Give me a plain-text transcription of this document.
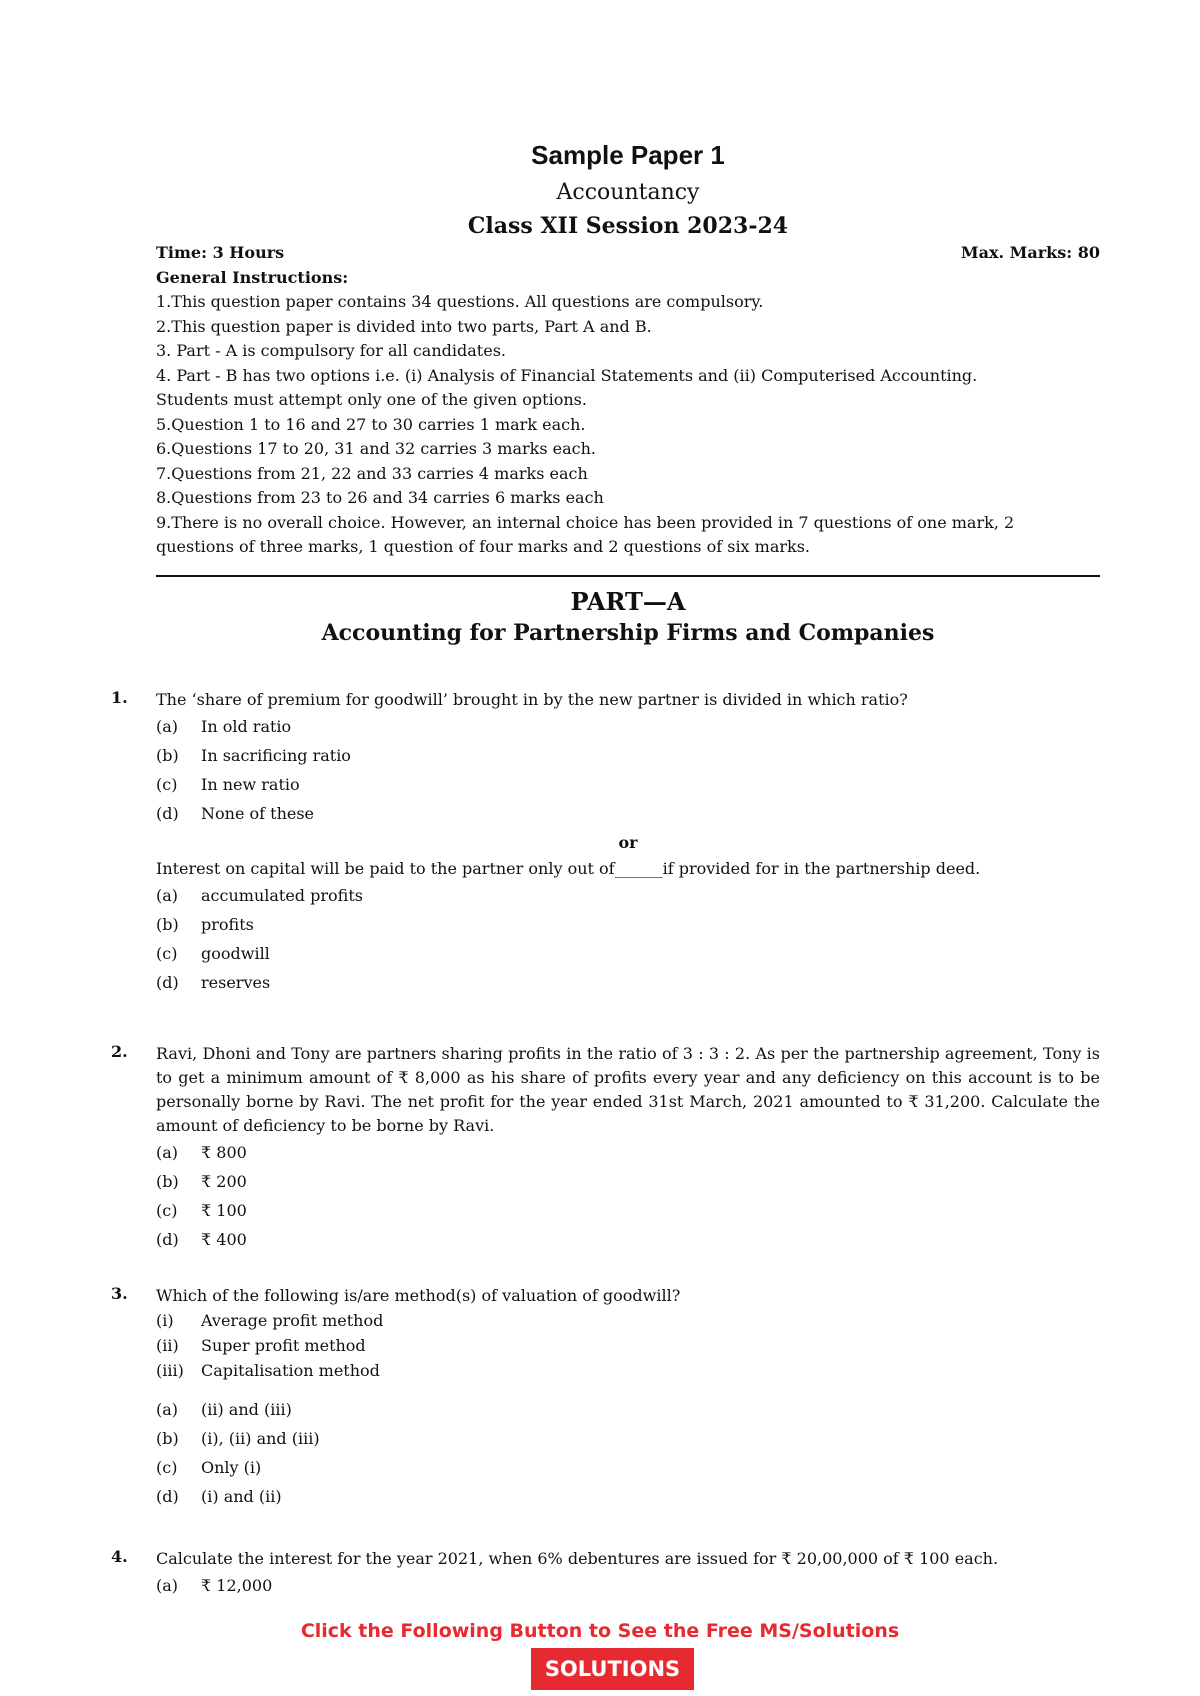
Sample Paper 1
Accountancy
Class XII Session 2023-24
Time: 3 Hours	Max. Marks: 80
General Instructions:
1.This question paper contains 34 questions. All questions are compulsory.
2.This question paper is divided into two parts, Part A and B.
3. Part - A is compulsory for all candidates.
4. Part - B has two options i.e. (i) Analysis of Financial Statements and (ii) Computerised Accounting.
Students must attempt only one of the given options.
5.Question 1 to 16 and 27 to 30 carries 1 mark each.
6.Questions 17 to 20, 31 and 32 carries 3 marks each.
7.Questions from 21, 22 and 33 carries 4 marks each
8.Questions from 23 to 26 and 34 carries 6 marks each
9.There is no overall choice. However, an internal choice has been provided in 7 questions of one mark, 2
questions of three marks, 1 question of four marks and 2 questions of six marks.
PART—A
Accounting for Partnership Firms and Companies
1. The ‘share of premium for goodwill’ brought in by the new partner is divided in which ratio?
(a) In old ratio
(b) In sacrificing ratio
(c) In new ratio
(d) None of these
or
Interest on capital will be paid to the partner only out of______if provided for in the partnership deed.
(a) accumulated profits
(b) profits
(c) goodwill
(d) reserves
2. Ravi, Dhoni and Tony are partners sharing profits in the ratio of 3 : 3 : 2. As per the partnership agreement, Tony is to get a minimum amount of ₹ 8,000 as his share of profits every year and any deficiency on this account is to be personally borne by Ravi. The net profit for the year ended 31st March, 2021 amounted to ₹ 31,200. Calculate the amount of deficiency to be borne by Ravi.
(a) ₹ 800
(b) ₹ 200
(c) ₹ 100
(d) ₹ 400
3. Which of the following is/are method(s) of valuation of goodwill?
(i) Average profit method
(ii) Super profit method
(iii) Capitalisation method
(a) (ii) and (iii)
(b) (i), (ii) and (iii)
(c) Only (i)
(d) (i) and (ii)
4. Calculate the interest for the year 2021, when 6% debentures are issued for ₹ 20,00,000 of ₹ 100 each.
(a) ₹ 12,000
Click the Following Button to See the Free MS/Solutions
SOLUTIONS
